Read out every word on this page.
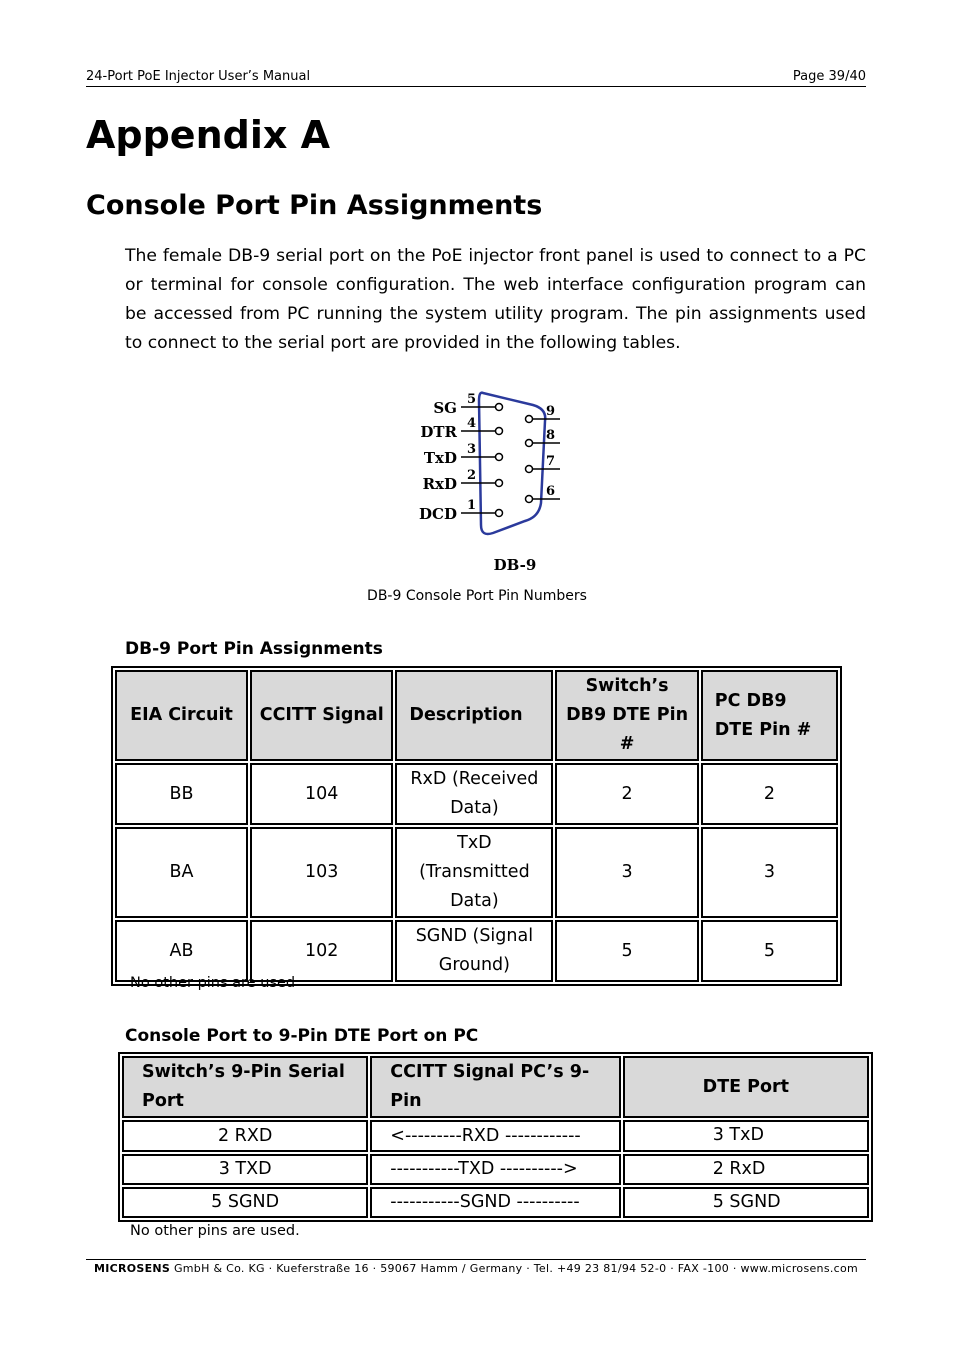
24-Port PoE Injector User’s Manual	Page 39/40
Appendix A
Console Port Pin Assignments

The female DB-9 serial port on the PoE injector front panel is used to connect to a PC or terminal for console configuration. The web interface configuration program can be accessed from PC running the system utility program. The pin assignments used to connect to the serial port are provided in the following tables.

SG
DTR
TxD
RxD
DCD
5
4
3
2
1
9
8
7
6
DB-9
DB-9 Console Port Pin Numbers

DB-9 Port Pin Assignments

EIA Circuit	CCITT Signal	Description	Switch’s DB9 DTE Pin #	PC DB9 DTE Pin #
BB	104	RxD (Received Data)	2	2
BA	103	TxD (Transmitted Data)	3	3
AB	102	SGND (Signal Ground)	5	5
No other pins are used

Console Port to 9-Pin DTE Port on PC

Switch’s 9-Pin Serial Port	CCITT Signal PC’s 9-Pin	DTE Port
2 RXD	<---------RXD ------------	3 TxD
3 TXD	-----------TXD ---------->	2 RxD
5 SGND	-----------SGND ----------	5 SGND
No other pins are used.
MICROSENS GmbH & Co. KG · Kueferstraße 16 · 59067 Hamm / Germany · Tel. +49 23 81/94 52-0 · FAX -100 · www.microsens.com
